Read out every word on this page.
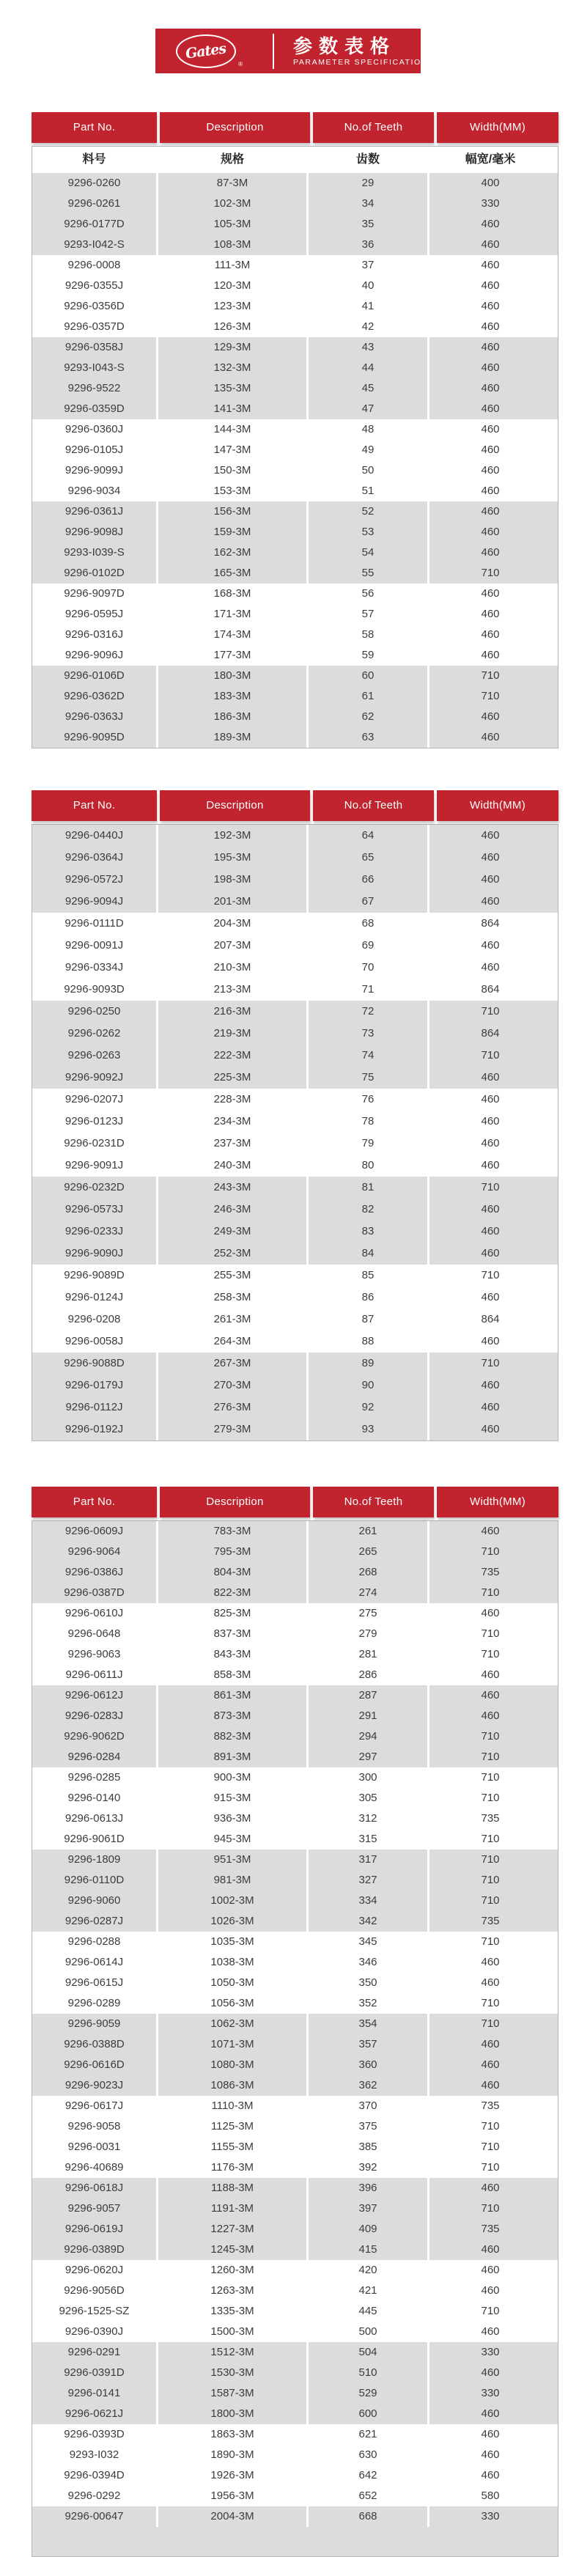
Gates
®
参数表格
PARAMETER SPECIFICATION
Part No.	Description	No.of Teeth	Width(MM)
料号	规格	齿数	幅宽/毫米
9296-0260	87-3M	29	400
9296-0261	102-3M	34	330
9296-0177D	105-3M	35	460
9293-I042-S	108-3M	36	460
9296-0008	111-3M	37	460
9296-0355J	120-3M	40	460
9296-0356D	123-3M	41	460
9296-0357D	126-3M	42	460
9296-0358J	129-3M	43	460
9293-I043-S	132-3M	44	460
9296-9522	135-3M	45	460
9296-0359D	141-3M	47	460
9296-0360J	144-3M	48	460
9296-0105J	147-3M	49	460
9296-9099J	150-3M	50	460
9296-9034	153-3M	51	460
9296-0361J	156-3M	52	460
9296-9098J	159-3M	53	460
9293-I039-S	162-3M	54	460
9296-0102D	165-3M	55	710
9296-9097D	168-3M	56	460
9296-0595J	171-3M	57	460
9296-0316J	174-3M	58	460
9296-9096J	177-3M	59	460
9296-0106D	180-3M	60	710
9296-0362D	183-3M	61	710
9296-0363J	186-3M	62	460
9296-9095D	189-3M	63	460
Part No.	Description	No.of Teeth	Width(MM)
9296-0440J	192-3M	64	460
9296-0364J	195-3M	65	460
9296-0572J	198-3M	66	460
9296-9094J	201-3M	67	460
9296-0111D	204-3M	68	864
9296-0091J	207-3M	69	460
9296-0334J	210-3M	70	460
9296-9093D	213-3M	71	864
9296-0250	216-3M	72	710
9296-0262	219-3M	73	864
9296-0263	222-3M	74	710
9296-9092J	225-3M	75	460
9296-0207J	228-3M	76	460
9296-0123J	234-3M	78	460
9296-0231D	237-3M	79	460
9296-9091J	240-3M	80	460
9296-0232D	243-3M	81	710
9296-0573J	246-3M	82	460
9296-0233J	249-3M	83	460
9296-9090J	252-3M	84	460
9296-9089D	255-3M	85	710
9296-0124J	258-3M	86	460
9296-0208	261-3M	87	864
9296-0058J	264-3M	88	460
9296-9088D	267-3M	89	710
9296-0179J	270-3M	90	460
9296-0112J	276-3M	92	460
9296-0192J	279-3M	93	460
Part No.	Description	No.of Teeth	Width(MM)
9296-0609J	783-3M	261	460
9296-9064	795-3M	265	710
9296-0386J	804-3M	268	735
9296-0387D	822-3M	274	710
9296-0610J	825-3M	275	460
9296-0648	837-3M	279	710
9296-9063	843-3M	281	710
9296-0611J	858-3M	286	460
9296-0612J	861-3M	287	460
9296-0283J	873-3M	291	460
9296-9062D	882-3M	294	710
9296-0284	891-3M	297	710
9296-0285	900-3M	300	710
9296-0140	915-3M	305	710
9296-0613J	936-3M	312	735
9296-9061D	945-3M	315	710
9296-1809	951-3M	317	710
9296-0110D	981-3M	327	710
9296-9060	1002-3M	334	710
9296-0287J	1026-3M	342	735
9296-0288	1035-3M	345	710
9296-0614J	1038-3M	346	460
9296-0615J	1050-3M	350	460
9296-0289	1056-3M	352	710
9296-9059	1062-3M	354	710
9296-0388D	1071-3M	357	460
9296-0616D	1080-3M	360	460
9296-9023J	1086-3M	362	460
9296-0617J	1110-3M	370	735
9296-9058	1125-3M	375	710
9296-0031	1155-3M	385	710
9296-40689	1176-3M	392	710
9296-0618J	1188-3M	396	460
9296-9057	1191-3M	397	710
9296-0619J	1227-3M	409	735
9296-0389D	1245-3M	415	460
9296-0620J	1260-3M	420	460
9296-9056D	1263-3M	421	460
9296-1525-SZ	1335-3M	445	710
9296-0390J	1500-3M	500	460
9296-0291	1512-3M	504	330
9296-0391D	1530-3M	510	460
9296-0141	1587-3M	529	330
9296-0621J	1800-3M	600	460
9296-0393D	1863-3M	621	460
9293-I032	1890-3M	630	460
9296-0394D	1926-3M	642	460
9296-0292	1956-3M	652	580
9296-00647	2004-3M	668	330
